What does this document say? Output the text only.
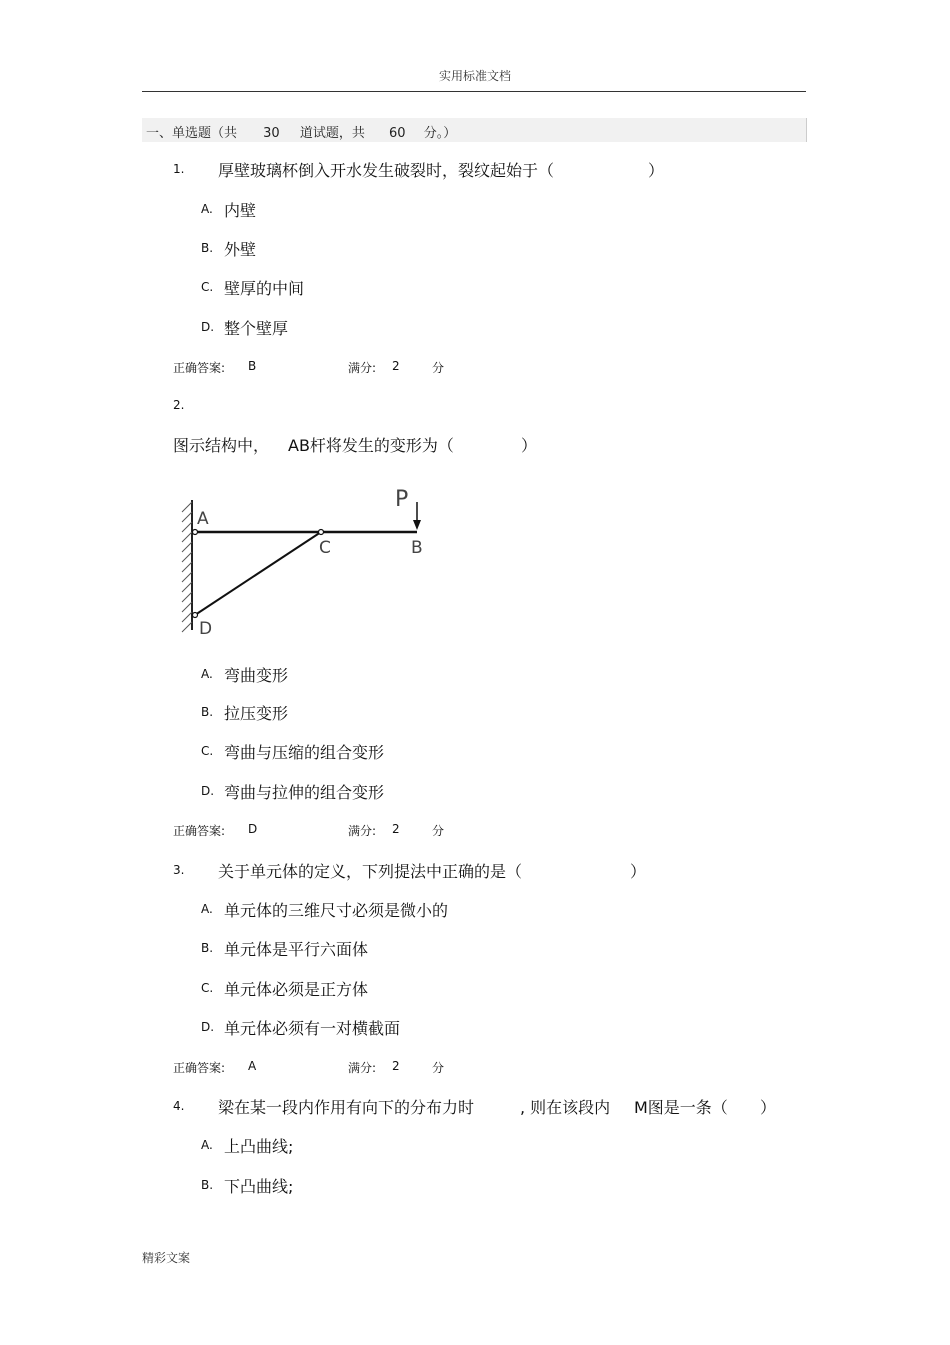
实用标准文档
一、单选题（共 30 道试题，共 60 分。）
1. 厚壁玻璃杯倒入开水发生破裂时，裂纹起始于（	）
A. 内壁
B. 外壁
C. 壁厚的中间
D. 整个壁厚
正确答案: B	满分: 2	分
2.
图示结构中， AB杆将发生的变形为（	）
A
C	B
P
D
A. 弯曲变形
B. 拉压变形
C. 弯曲与压缩的组合变形
D. 弯曲与拉伸的组合变形
正确答案: D	满分: 2	分
3. 关于单元体的定义，下列提法中正确的是（	）
A. 单元体的三维尺寸必须是微小的
B. 单元体是平行六面体
C. 单元体必须是正方体
D. 单元体必须有一对横截面
正确答案: A	满分: 2	分
4. 梁在某一段内作用有向下的分布力时	, 则在该段内 M图是一条（ ）
A. 上凸曲线;
B. 下凸曲线;
精彩文案
